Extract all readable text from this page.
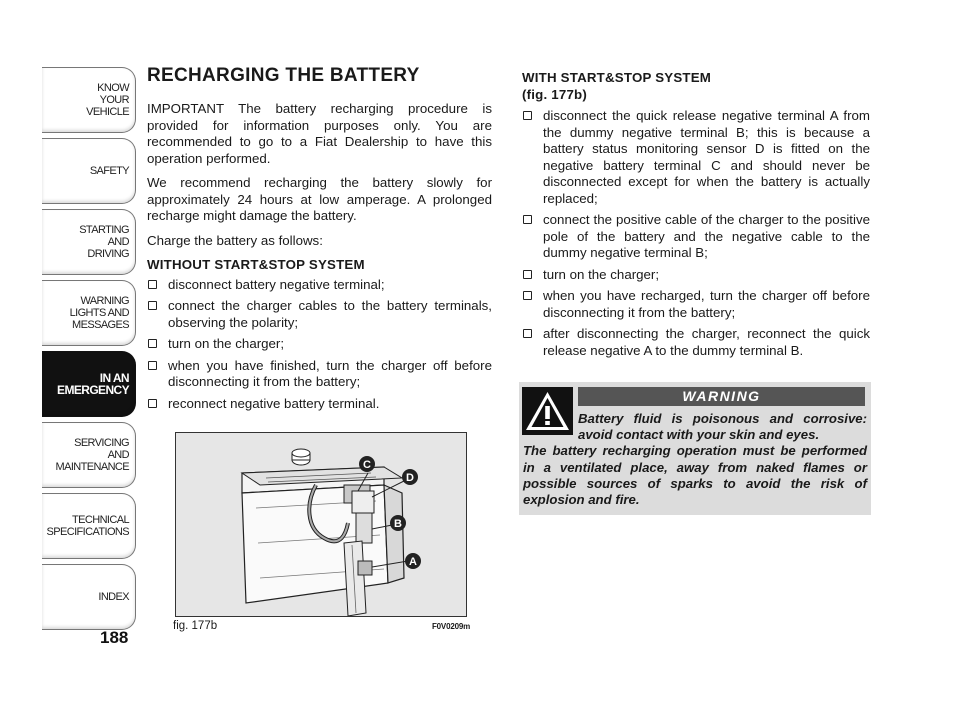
KNOW
YOUR
VEHICLE
SAFETY
STARTING
AND
DRIVING
WARNING
LIGHTS AND
MESSAGES
IN AN
EMERGENCY
SERVICING
AND
MAINTENANCE
TECHNICAL
SPECIFICATIONS
INDEX
188
RECHARGING THE BATTERY

IMPORTANT The battery recharging procedure is provided for information purposes only. You are recommended to go to a Fiat Dealership to have this operation performed.

We recommend recharging the battery slowly for approximately 24 hours at low amperage. A prolonged recharge might damage the battery.

Charge the battery as follows:

WITHOUT START&STOP SYSTEM
disconnect battery negative terminal;
connect the charger cables to the battery terminals, observing the polarity;
turn on the charger;
when you have finished, turn the charger off before disconnecting it from the battery;
reconnect negative battery terminal.
WITH START&STOP SYSTEM
(fig. 177b)
disconnect the quick release negative terminal A from the dummy negative terminal B; this is because a battery status monitoring sensor D is fitted on the negative battery terminal C and should never be disconnected except for when the battery is actually replaced;
connect the positive cable of the charger to the positive pole of the battery and the negative cable to the dummy negative terminal B;
turn on the charger;
when you have recharged, turn the charger off before disconnecting it from the battery;
after disconnecting the charger, reconnect the quick release negative A to the dummy terminal B.
WARNING
Battery fluid is poisonous and corrosive: avoid contact with your skin and eyes.
The battery recharging operation must be performed in a ventilated place, away from naked flames or possible sources of sparks to avoid the risk of explosion and fire.
C
D
B
A
fig. 177b	F0V0209m
